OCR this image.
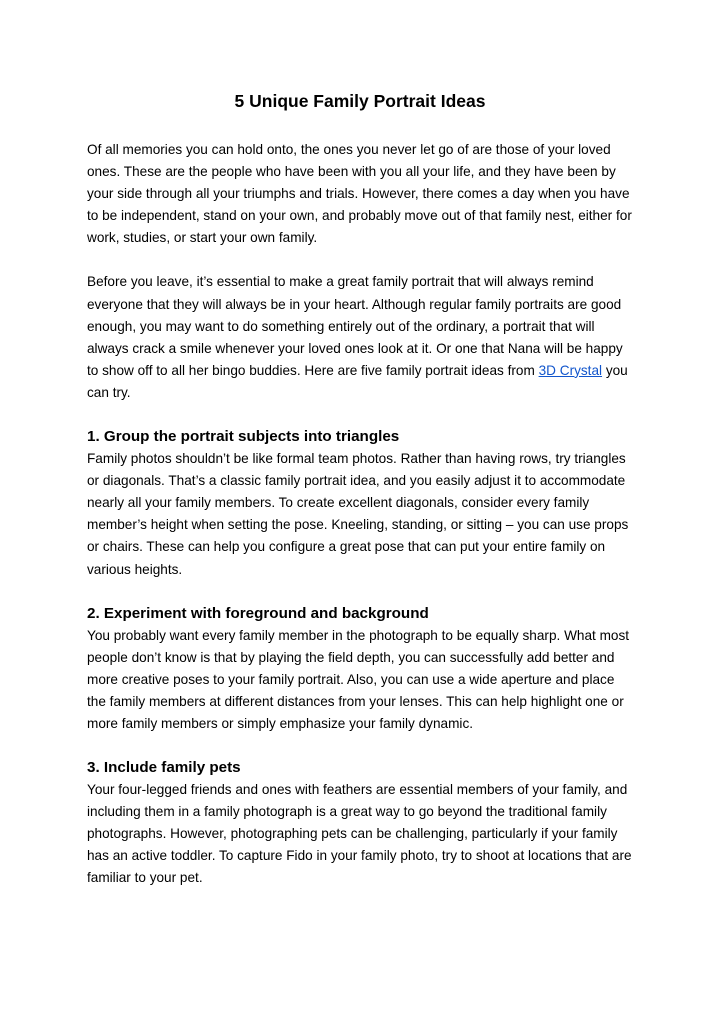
5 Unique Family Portrait Ideas

Of all memories you can hold onto, the ones you never let go of are those of your loved ones. These are the people who have been with you all your life, and they have been by your side through all your triumphs and trials. However, there comes a day when you have to be independent, stand on your own, and probably move out of that family nest, either for work, studies, or start your own family.

Before you leave, it’s essential to make a great family portrait that will always remind everyone that they will always be in your heart. Although regular family portraits are good enough, you may want to do something entirely out of the ordinary, a portrait that will always crack a smile whenever your loved ones look at it. Or one that Nana will be happy to show off to all her bingo buddies. Here are five family portrait ideas from 3D Crystal you can try.

1. Group the portrait subjects into triangles

Family photos shouldn’t be like formal team photos. Rather than having rows, try triangles or diagonals. That’s a classic family portrait idea, and you easily adjust it to accommodate nearly all your family members. To create excellent diagonals, consider every family member’s height when setting the pose. Kneeling, standing, or sitting – you can use props or chairs. These can help you configure a great pose that can put your entire family on various heights.

2. Experiment with foreground and background

You probably want every family member in the photograph to be equally sharp. What most people don’t know is that by playing the field depth, you can successfully add better and more creative poses to your family portrait. Also, you can use a wide aperture and place the family members at different distances from your lenses. This can help highlight one or more family members or simply emphasize your family dynamic.

3. Include family pets

Your four-legged friends and ones with feathers are essential members of your family, and including them in a family photograph is a great way to go beyond the traditional family photographs. However, photographing pets can be challenging, particularly if your family has an active toddler. To capture Fido in your family photo, try to shoot at locations that are familiar to your pet.
